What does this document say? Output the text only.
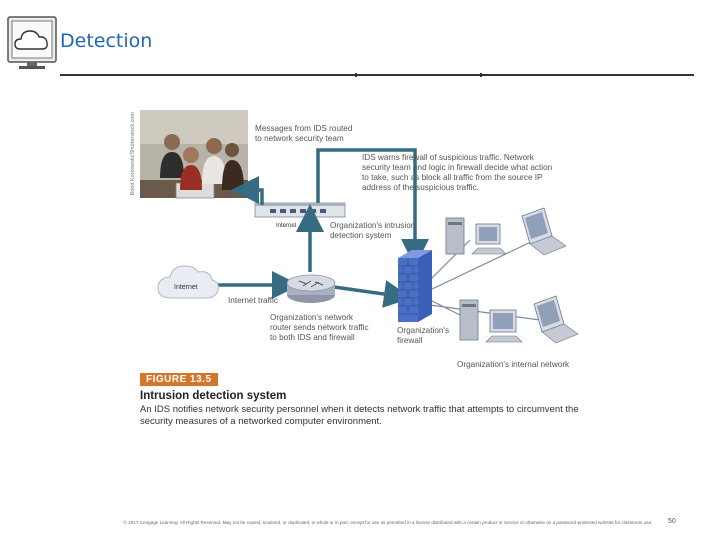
Detection
Bond Korzewski/Shutterstock.com	Messages from IDS routed
to network security team
IDS warns firewall of suspicious traffic. Network
security team and logic in firewall decide what action
to take, such as block all traffic from the source IP
address of the suspicious traffic.
Internet	Organization's intrusion
detection system
Internet
Internet traffic
Organization's network
router sends network traffic
to both IDS and firewall
Organization's
firewall
Organization's internal network
FIGURE 13.5
Intrusion detection system
An IDS notifies network security personnel when it detects network traffic that attempts to circumvent the security measures of a networked computer environment.
© 2017 Cengage Learning. All Rights Reserved. May not be copied, scanned, or duplicated, in whole or in part, except for use as permitted in a license distributed with a certain product or service or otherwise on a password-protected website for classroom use.	50
